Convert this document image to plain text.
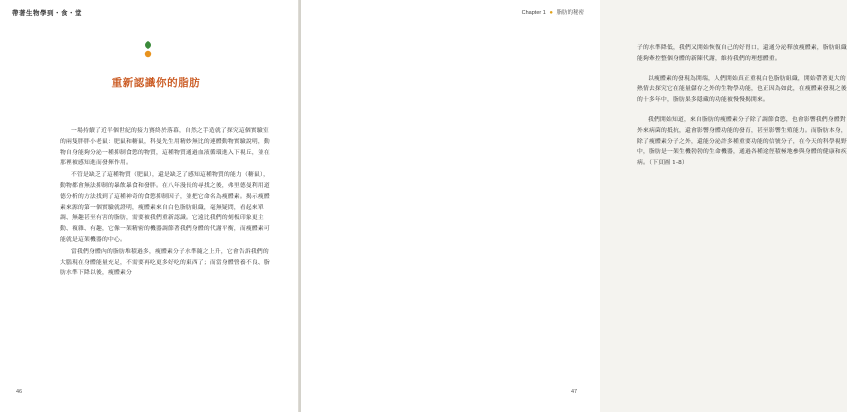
帶著生物學到・食・堂
重新認識你的脂肪

一場持續了近半個世紀的接力賽終於落幕，自然之手造就了探究這個實驗室的兩隻胖胖小老鼠：肥鼠和糖鼠，科曼先生用精妙無比的連體動物實驗說明，動物自身能夠分泌一種抑制食慾的物質，這種物質通過血液循環進入下視丘，並在那裡被感知進而發揮作用。

不管是缺乏了這種物質（肥鼠），還是缺乏了感知這種物質的能力（糖鼠），動物都會無法抑制的暴飲暴食和發胖。在八年漫長的尋找之後，弗里德曼利用道德分析的方法找到了這種神奇的食慾抑制因子，並把它命名為瘦體素。揭示瘦體素來源的第一個實驗就證明，瘦體素來自白色脂肪組織，毫無疑問，看起來單調、無趣甚至有害的脂肪，需要被我們重新認識。它遠比我們的刻板印象更主動、複雜、有趣，它像一架精密的機器調節著我們身體的代謝平衡，而瘦體素可能就是這架機器的中心。

當我們身體內的脂肪堆積過多，瘦體素分子水準隨之上升，它會告訴我們的大腦現在身體能量充足，不需要再吃更多好吃的東西了；而當身體營養不良、脂肪水準下降以後，瘦體素分

46
Chapter 1 ● 脂肪的秘密

子的水準降低，我們又開始恢復自己的好胃口，還通分泌釋放瘦體素，脂肪組織能夠牽控整個身體的新陳代謝，維持我們的理想體重。

以瘦體素的發現為開端，人們開始真正重視白色脂肪組織，開始帶著更大的熱情去探究它在能量儲存之外的生物學功能，也正因為如此，在瘦體素發現之後的十多年中，脂肪果多隱藏的功能被慢慢揭開來。

我們開始知道，來自脂肪的瘦體素分子除了調節食慾，也會影響我們身體對外來病菌的抵抗，還會影響身體功能的發育，甚至影響生殖能力。而脂肪本身，除了瘦體素分子之外，還能分泌許多種重要功能的信號分子，在今天的科學視野中，脂肪是一架生機勃勃的生命機器，通過各種途徑積極地參與身體的健康和疾病。（下頁圖 1-8）

47
